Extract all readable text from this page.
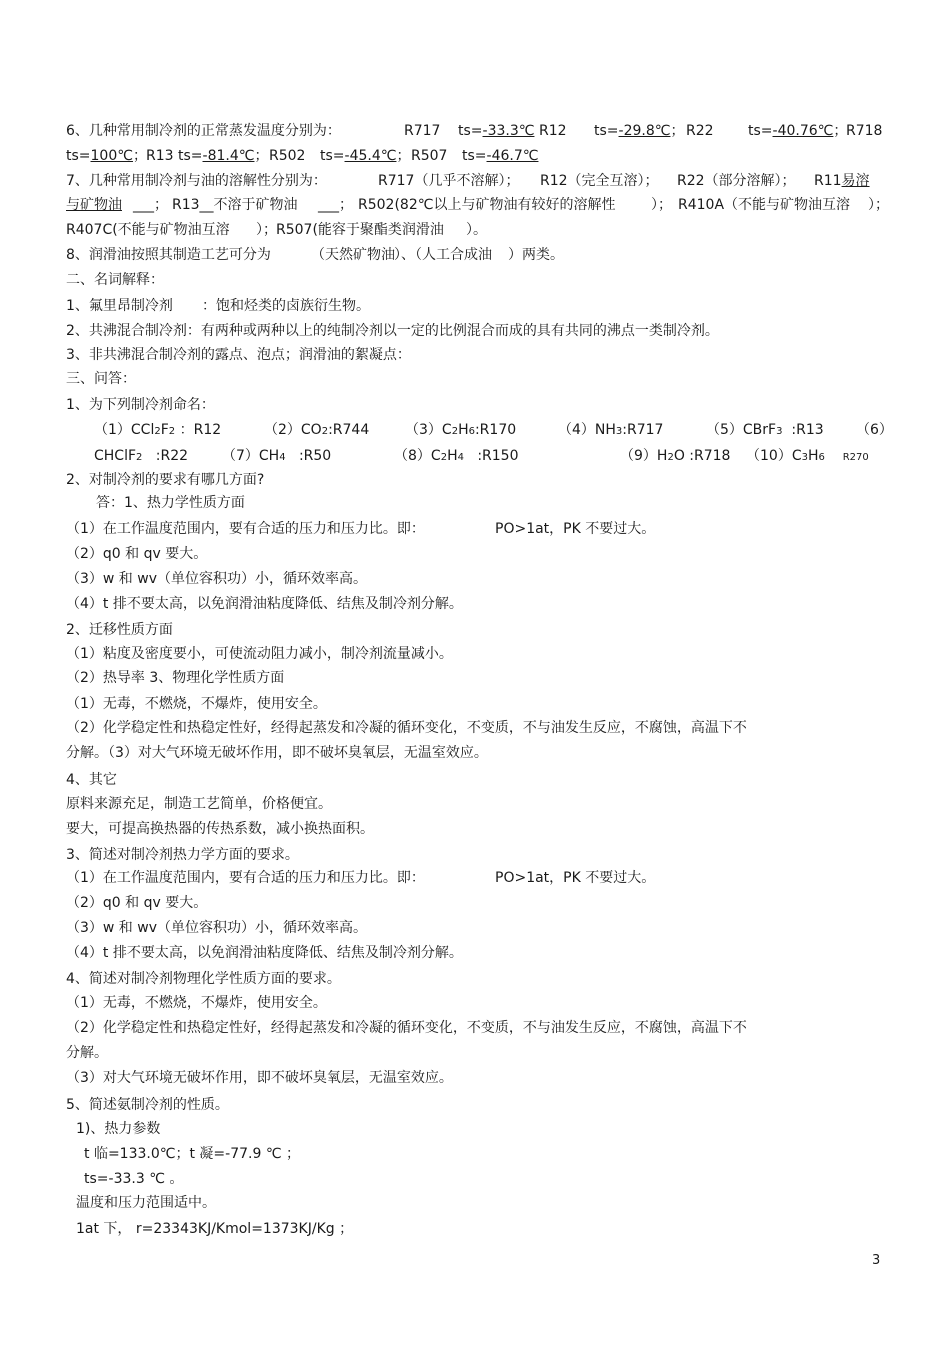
6、几种常用制冷剂的正常蒸发温度分别为：	R717 ts=-33.3℃ R12 ts=-29.8℃； R22 ts=-40.76℃；
R718
ts=100℃； R13 ts=-81.4℃； R502 ts=-45.4℃； R507 ts=-46.7℃
7、几种常用制冷剂与油的溶解性分别为：	R717（几乎不溶解）； R12（完全互溶）； R22（部分溶解）； R11易溶
与矿物油 ___； R13__不溶于矿物油 ___； R502(82℃以上与矿物油有较好的溶解性	）； R410A（不能与矿物油互溶 ）；
R407C(不能与矿物油互溶 ）； R507(能容于聚酯类润滑油 ）。
8、润滑油按照其制造工艺可分为	（天然矿物油 ）、（人工合成油 ）两类。
二、名词解释：
1、氟里昂制冷剂 ：饱和烃类的卤族衍生物。
2、共沸混合制冷剂：有两种或两种以上的纯制冷剂以一定的比例混合而成的具有共同的沸点一类制冷剂。
3、非共沸混合制冷剂的露点、泡点；润滑油的絮凝点：
三、问答：
1、为下列制冷剂命名：
（1）CCl2F2 ：R12	（2）CO2:R744	（3）C2H6:R170	（4）NH3:R717	（5）CBrF3 :R13 （6）
CHClF2 :R22 （7）CH4 :R50	（8）C2H4 :R150	（9）H2O :R718 （10）C3H6 R270
2、对制冷剂的要求有哪几方面?
答：1、热力学性质方面
（1）在工作温度范围内，要有合适的压力和压力比。即：	PO>1at，PK 不要过大。
（2）q0 和 qv 要大。
（3）w 和 wv（单位容积功）小，循环效率高。
（4）t 排不要太高，以免润滑油粘度降低、结焦及制冷剂分解。
2、迁移性质方面
（1）粘度及密度要小，可使流动阻力减小，制冷剂流量减小。
（2）热导率 3、物理化学性质方面
（1）无毒，不燃烧，不爆炸，使用安全。
（2）化学稳定性和热稳定性好，经得起蒸发和冷凝的循环变化，不变质，不与油发生反应，不腐蚀，高温下不
分解。（3）对大气环境无破坏作用，即不破坏臭氧层，无温室效应。
4、其它
原料来源充足，制造工艺简单，价格便宜。
要大，可提高换热器的传热系数，减小换热面积。
3、简述对制冷剂热力学方面的要求。
（1）在工作温度范围内，要有合适的压力和压力比。即：	PO>1at，PK 不要过大。
（2）q0 和 qv 要大。
（3）w 和 wv（单位容积功）小，循环效率高。
（4）t 排不要太高，以免润滑油粘度降低、结焦及制冷剂分解。
4、简述对制冷剂物理化学性质方面的要求。
（1）无毒，不燃烧，不爆炸，使用安全。
（2）化学稳定性和热稳定性好，经得起蒸发和冷凝的循环变化，不变质，不与油发生反应，不腐蚀，高温下不
分解。
（3）对大气环境无破坏作用，即不破坏臭氧层，无温室效应。
5、简述氨制冷剂的性质。
1)、热力参数
t 临=133.0℃；t 凝=-77.9 ℃ ；
ts=-33.3 ℃ 。
温度和压力范围适中。
1at 下， r=23343KJ/Kmol=1373KJ/Kg ；
3
